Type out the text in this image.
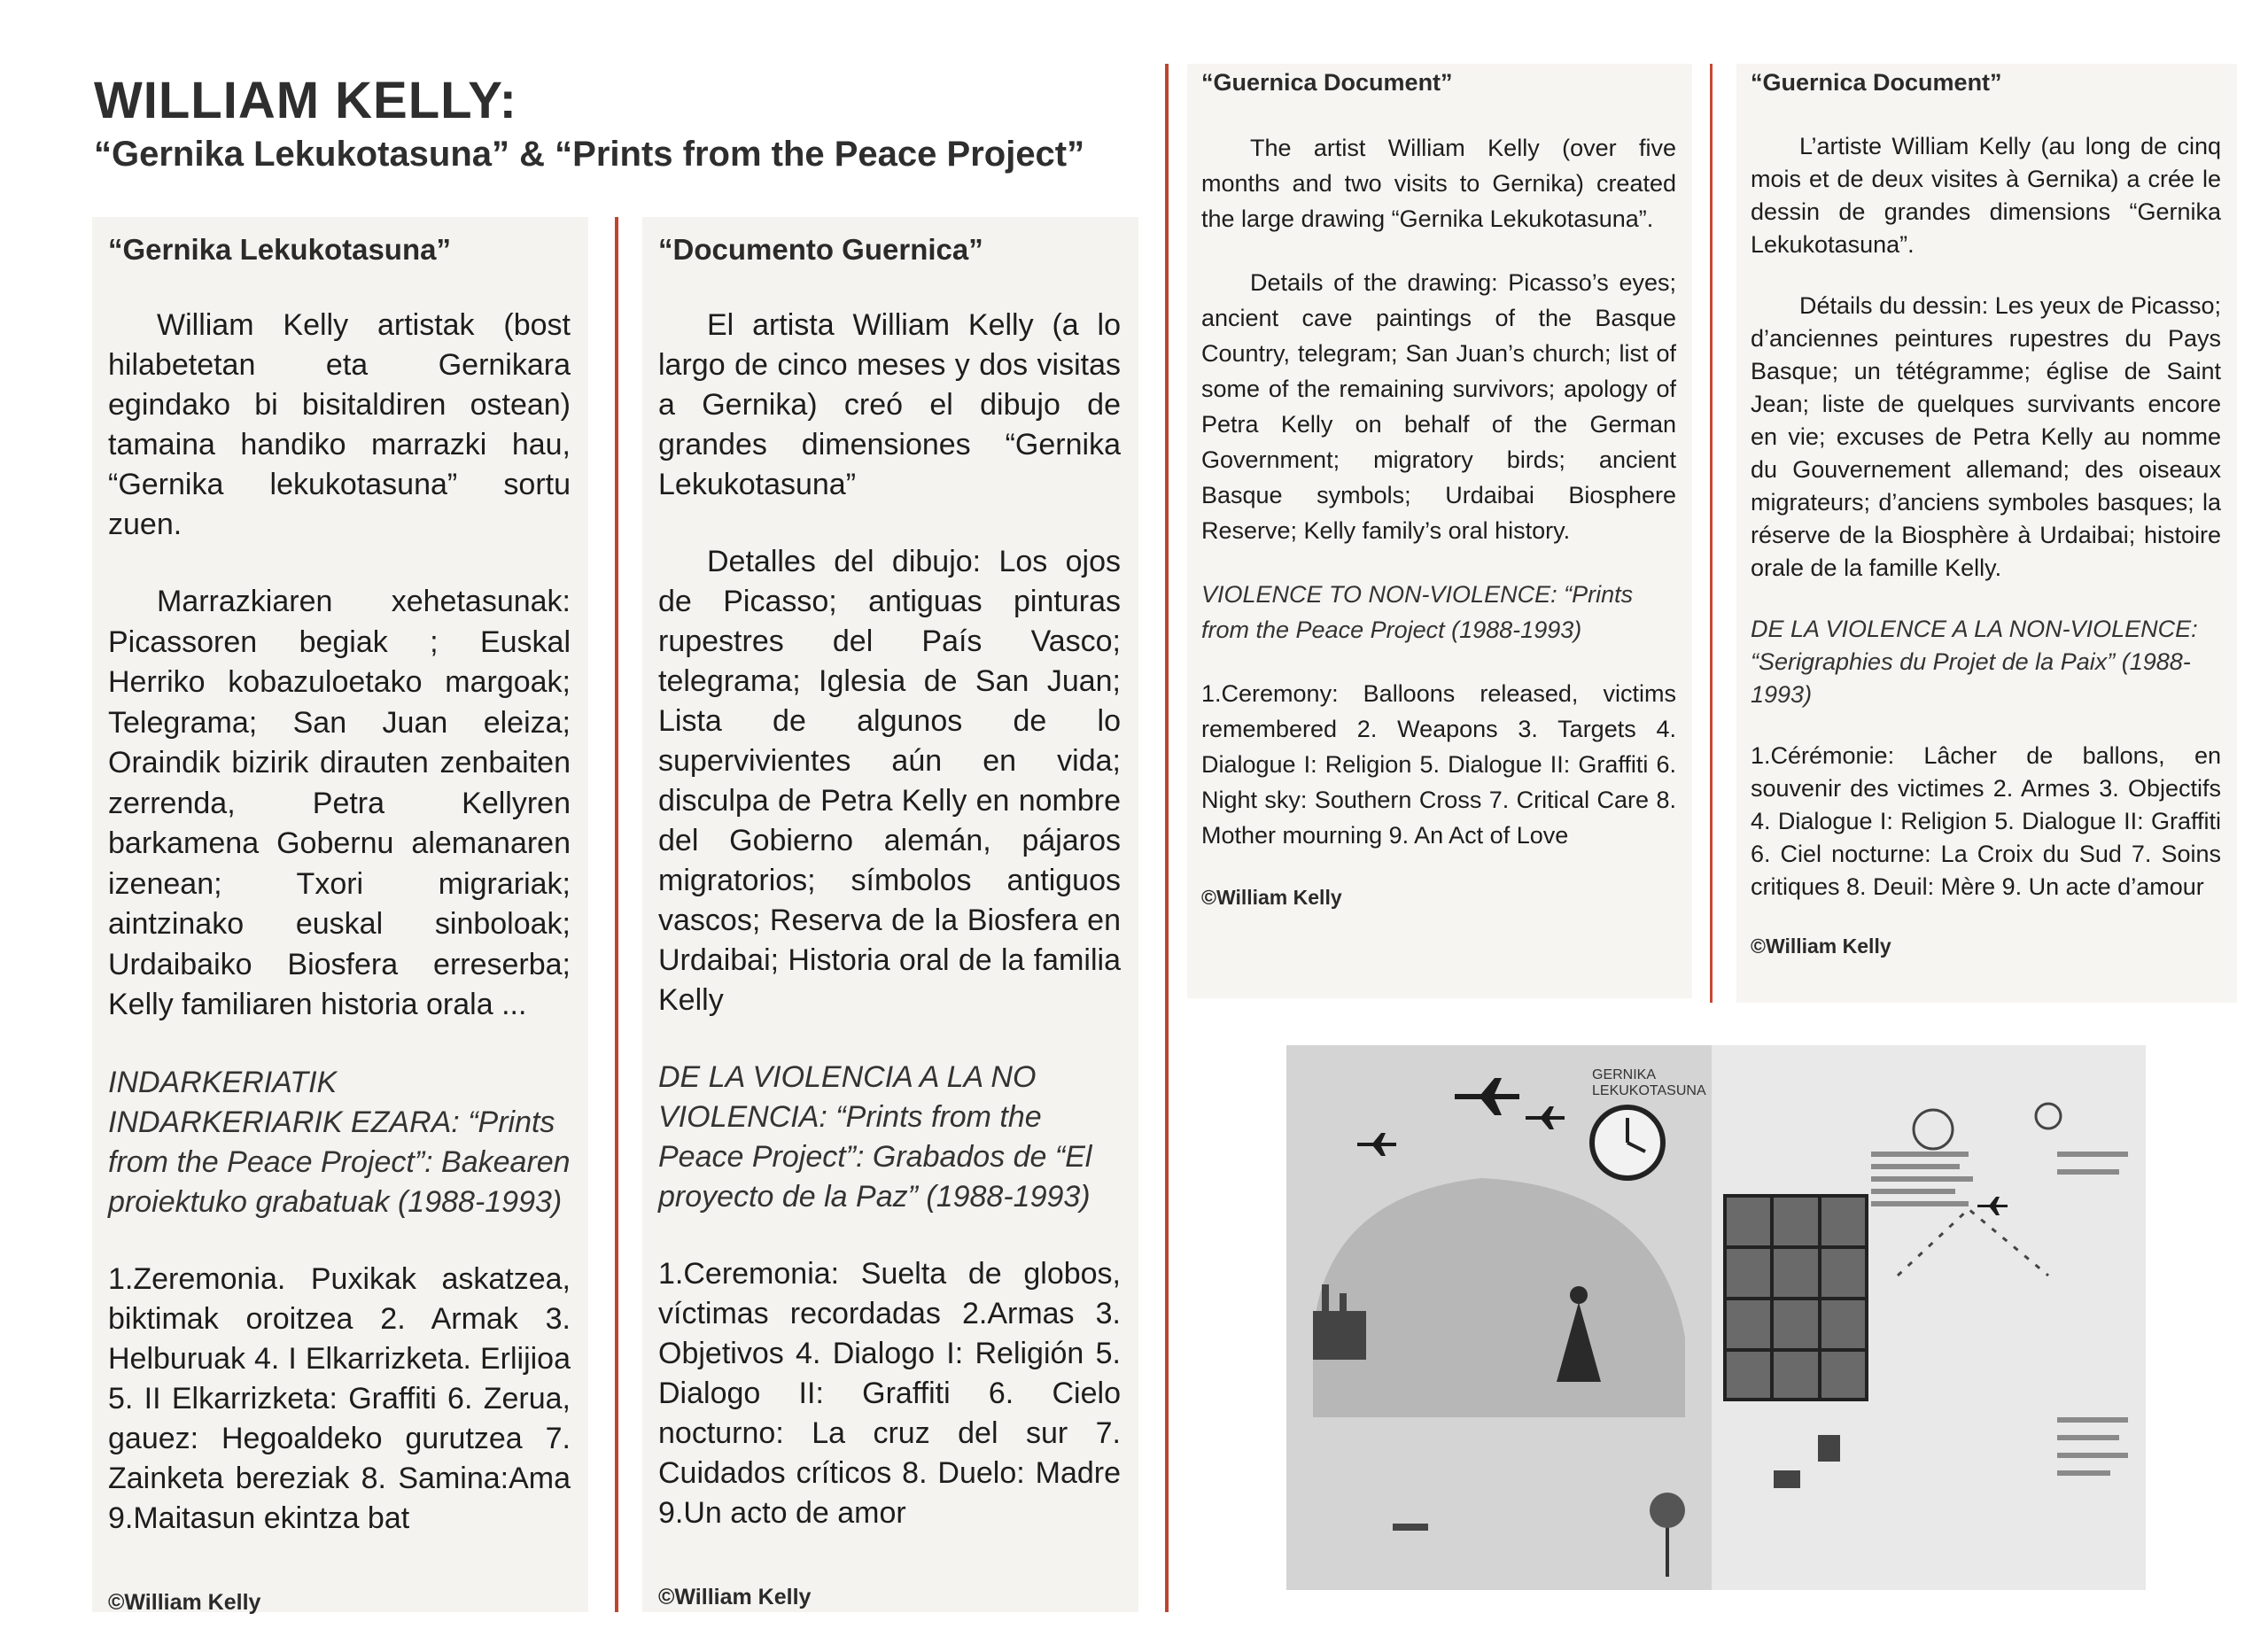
WILLIAM KELLY:
“Gernika Lekukotasuna” & “Prints from the Peace Project”
“Gernika Lekukotasuna”

William Kelly artistak (bost hilabetetan eta Gernikara egindako bi bisitaldiren ostean) tamaina handiko marrazki hau, “Gernika lekukotasuna” sortu zuen.

Marrazkiaren xehetasunak: Picassoren begiak ; Euskal Herriko kobazuloetako margoak; Telegrama; San Juan eleiza; Oraindik bizirik dirauten zenbaiten zerrenda, Petra Kellyren barkamena Gobernu alemanaren izenean; Txori migrariak; aintzinako euskal sinboloak; Urdaibaiko Biosfera erreserba; Kelly familiaren historia orala ...

INDARKERIATIK INDARKERIARIK EZARA: “Prints from the Peace Project”: Bakearen proiektuko grabatuak (1988-1993)

1.Zeremonia. Puxikak askatzea, biktimak oroitzea 2. Armak 3. Helburuak 4. I Elkarrizketa. Erlijioa 5. II Elkarrizketa: Graffiti 6. Zerua, gauez: Hegoaldeko gurutzea 7. Zainketa bereziak 8. Samina:Ama 9.Maitasun ekintza bat

©William Kelly

“Documento Guernica”

El artista William Kelly (a lo largo de cinco meses y dos visitas a Gernika) creó el dibujo de grandes dimensiones “Gernika Lekukotasuna”

Detalles del dibujo: Los ojos de Picasso; antiguas pinturas rupestres del País Vasco; telegrama; Iglesia de San Juan; Lista de algunos de lo supervivientes aún en vida; disculpa de Petra Kelly en nombre del Gobierno alemán, pájaros migratorios; símbolos antiguos vascos; Reserva de la Biosfera en Urdaibai; Historia oral de la familia Kelly

DE LA VIOLENCIA A LA NO VIOLENCIA: “Prints from the Peace Project”: Grabados de “El proyecto de la Paz” (1988-1993)

1.Ceremonia: Suelta de globos, víctimas recordadas 2.Armas 3. Objetivos 4. Dialogo I: Religión 5. Dialogo II: Graffiti 6. Cielo nocturno: La cruz del sur 7. Cuidados críticos 8. Duelo: Madre 9.Un acto de amor

©William Kelly

“Guernica Document”

The artist William Kelly (over five months and two visits to Gernika) created the large drawing “Gernika Lekukotasuna”.

Details of the drawing: Picasso’s eyes; ancient cave paintings of the Basque Country, telegram; San Juan’s church; list of some of the remaining survivors; apology of Petra Kelly on behalf of the German Government; migratory birds; ancient Basque symbols; Urdaibai Biosphere Reserve; Kelly family’s oral history.

VIOLENCE TO NON-VIOLENCE: “Prints from the Peace Project (1988-1993)

1.Ceremony: Balloons released, victims remembered 2. Weapons 3. Targets 4. Dialogue I: Religion 5. Dialogue II: Graffiti 6. Night sky: Southern Cross 7. Critical Care 8. Mother mourning 9. An Act of Love

©William Kelly

“Guernica Document”

L’artiste William Kelly (au long de cinq mois et de deux visites à Gernika) a crée le dessin de grandes dimensions “Gernika Lekukotasuna”.

Détails du dessin: Les yeux de Picasso; d’anciennes peintures rupestres du Pays Basque; un tétégramme; église de Saint Jean; liste de quelques survivants encore en vie; excuses de Petra Kelly au nomme du Gouvernement allemand; des oiseaux migrateurs; d’anciens symboles basques; la réserve de la Biosphère à Urdaibai; histoire orale de la famille Kelly.

DE LA VIOLENCE A LA NON-VIOLENCE: “Serigraphies du Projet de la Paix” (1988-1993)

1.Cérémonie: Lâcher de ballons, en souvenir des victimes 2. Armes 3. Objectifs 4. Dialogue I: Religion 5. Dialogue II: Graffiti 6. Ciel nocturne: La Croix du Sud 7. Soins critiques 8. Deuil: Mère 9. Un acte d’amour

©William Kelly

GERNIKA
LEKUKOTASUNA
